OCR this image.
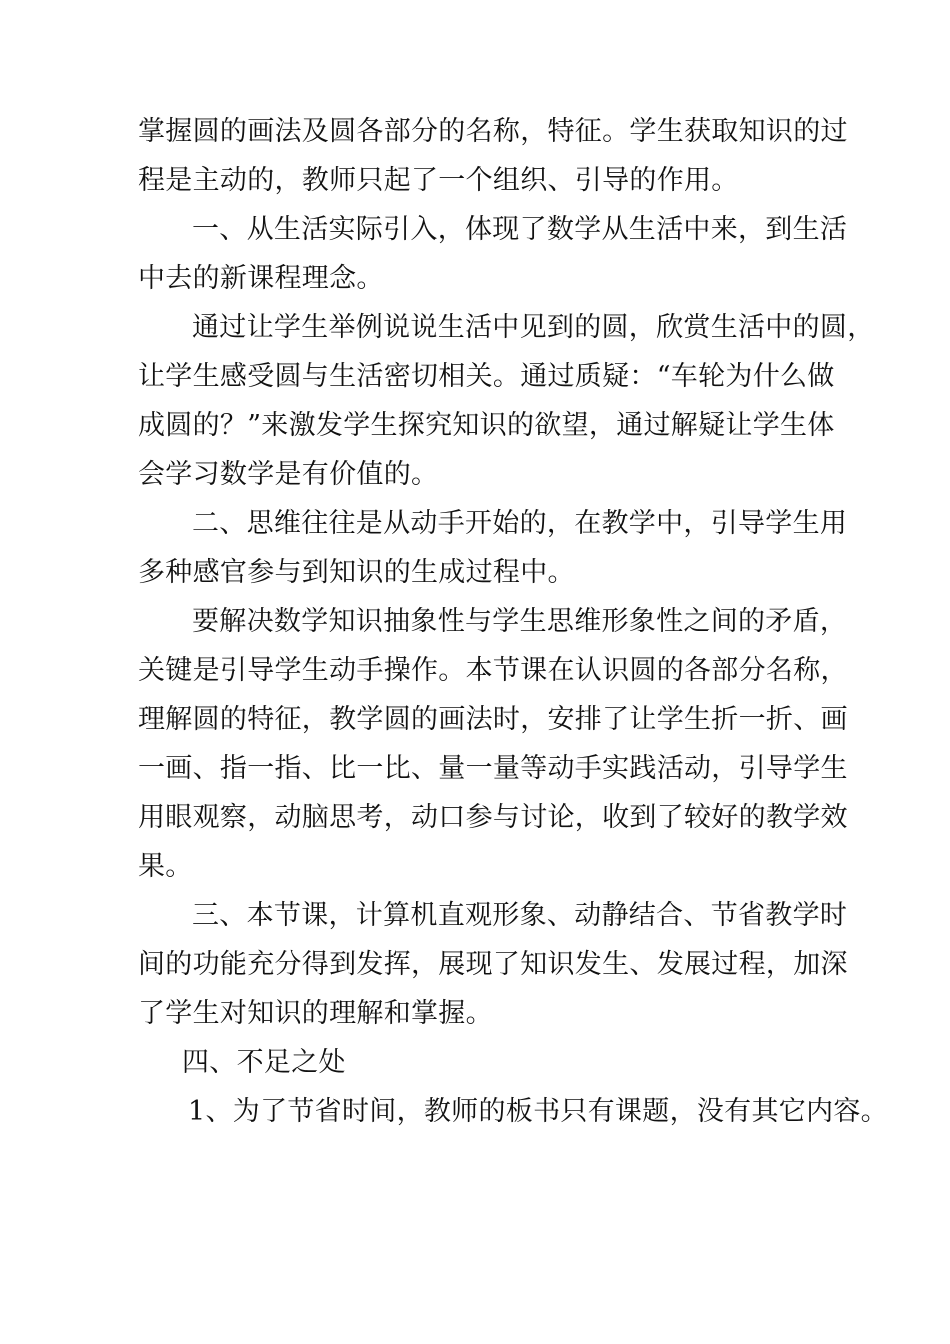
掌握圆的画法及圆各部分的名称，特征。学生获取知识的过
程是主动的，教师只起了一个组织、引导的作用。

一、从生活实际引入，体现了数学从生活中来，到生活
中去的新课程理念。

通过让学生举例说说生活中见到的圆，欣赏生活中的圆，
让学生感受圆与生活密切相关。通过质疑：“车轮为什么做
成圆的？”来激发学生探究知识的欲望，通过解疑让学生体
会学习数学是有价值的。

二、思维往往是从动手开始的，在教学中，引导学生用
多种感官参与到知识的生成过程中。

要解决数学知识抽象性与学生思维形象性之间的矛盾，
关键是引导学生动手操作。本节课在认识圆的各部分名称，
理解圆的特征，教学圆的画法时，安排了让学生折一折、画
一画、指一指、比一比、量一量等动手实践活动，引导学生
用眼观察，动脑思考，动口参与讨论，收到了较好的教学效
果。

三、本节课，计算机直观形象、动静结合、节省教学时
间的功能充分得到发挥，展现了知识发生、发展过程，加深
了学生对知识的理解和掌握。

四、不足之处

1、为了节省时间，教师的板书只有课题，没有其它内容。
